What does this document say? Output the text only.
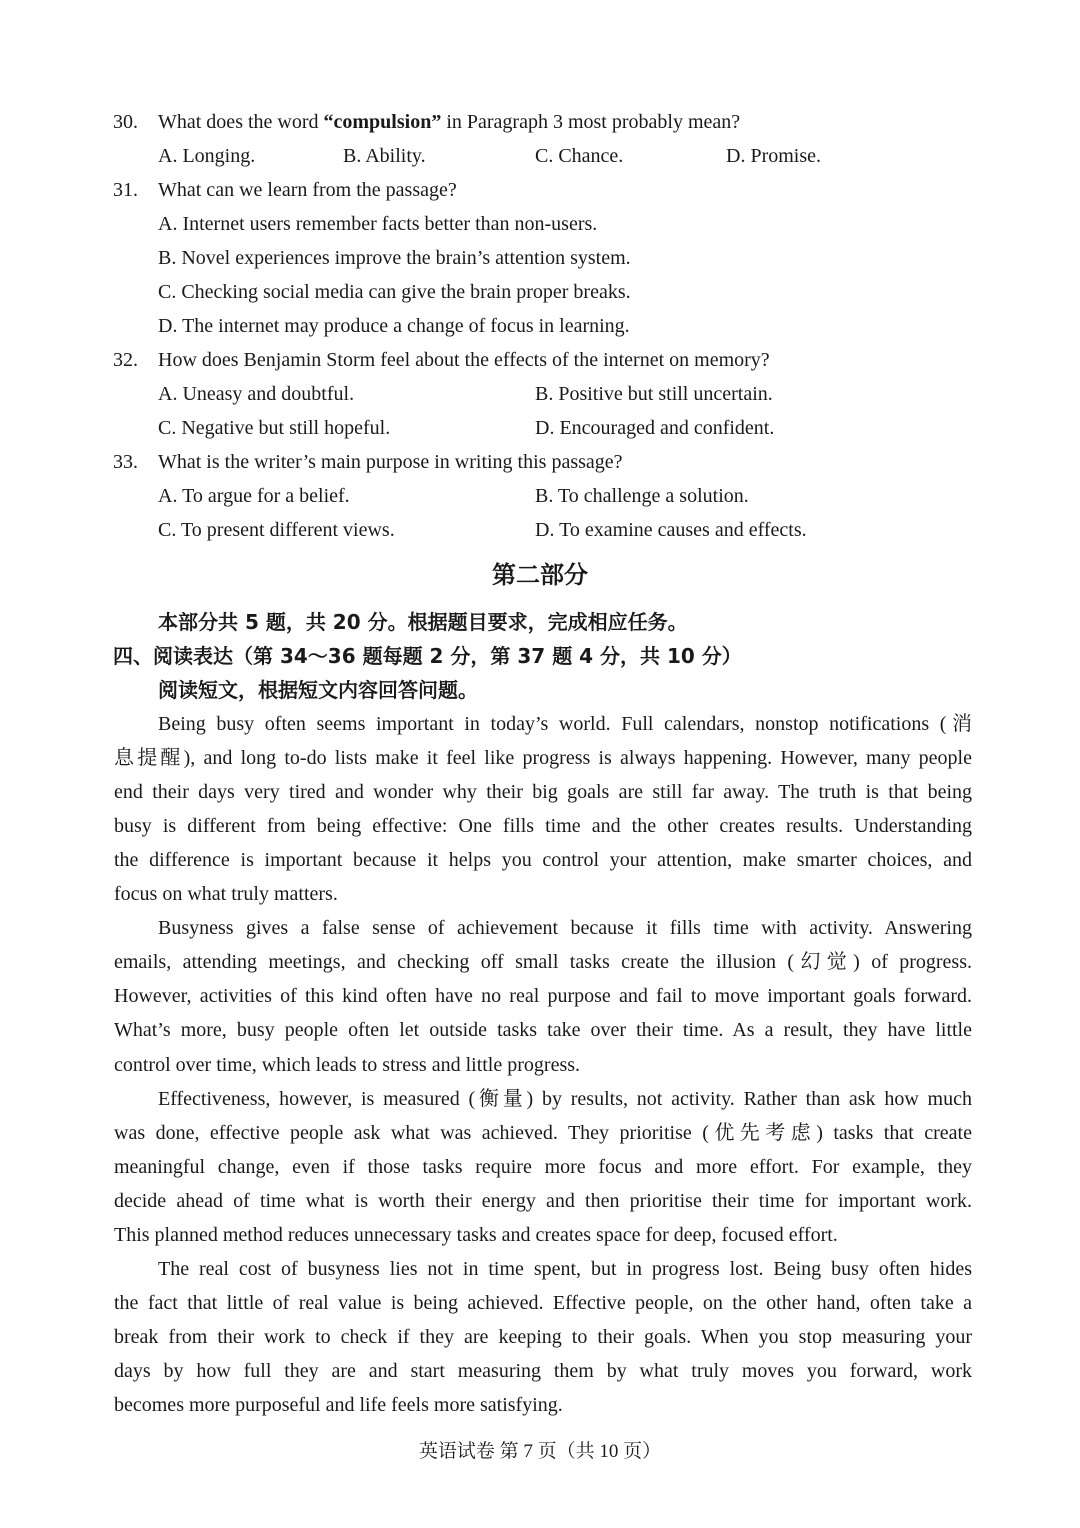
30. What does the word “compulsion” in Paragraph 3 most probably mean?
A. Longing.	B. Ability.	C. Chance.	D. Promise.
31. What can we learn from the passage?
A. Internet users remember facts better than non-users.
B. Novel experiences improve the brain’s attention system.
C. Checking social media can give the brain proper breaks.
D. The internet may produce a change of focus in learning.
32. How does Benjamin Storm feel about the effects of the internet on memory?
A. Uneasy and doubtful.	B. Positive but still uncertain.
C. Negative but still hopeful.	D. Encouraged and confident.
33. What is the writer’s main purpose in writing this passage?
A. To argue for a belief.	B. To challenge a solution.
C. To present different views.	D. To examine causes and effects.
第二部分
本部分共 5 题，共 20 分。根据题目要求，完成相应任务。
四、阅读表达（第 34～36 题每题 2 分，第 37 题 4 分，共 10 分）
阅读短文，根据短文内容回答问题。
Being busy often seems important in today’s world. Full calendars, nonstop notifications (消
息提醒), and long to-do lists make it feel like progress is always happening. However, many people
end their days very tired and wonder why their big goals are still far away. The truth is that being
busy is different from being effective: One fills time and the other creates results. Understanding
the difference is important because it helps you control your attention, make smarter choices, and
focus on what truly matters.
Busyness gives a false sense of achievement because it fills time with activity. Answering
emails, attending meetings, and checking off small tasks create the illusion (幻觉) of progress.
However, activities of this kind often have no real purpose and fail to move important goals forward.
What’s more, busy people often let outside tasks take over their time. As a result, they have little
control over time, which leads to stress and little progress.
Effectiveness, however, is measured (衡量) by results, not activity. Rather than ask how much
was done, effective people ask what was achieved. They prioritise (优先考虑) tasks that create
meaningful change, even if those tasks require more focus and more effort. For example, they
decide ahead of time what is worth their energy and then prioritise their time for important work.
This planned method reduces unnecessary tasks and creates space for deep, focused effort.
The real cost of busyness lies not in time spent, but in progress lost. Being busy often hides
the fact that little of real value is being achieved. Effective people, on the other hand, often take a
break from their work to check if they are keeping to their goals. When you stop measuring your
days by how full they are and start measuring them by what truly moves you forward, work
becomes more purposeful and life feels more satisfying.
英语试卷 第 7 页（共 10 页）
